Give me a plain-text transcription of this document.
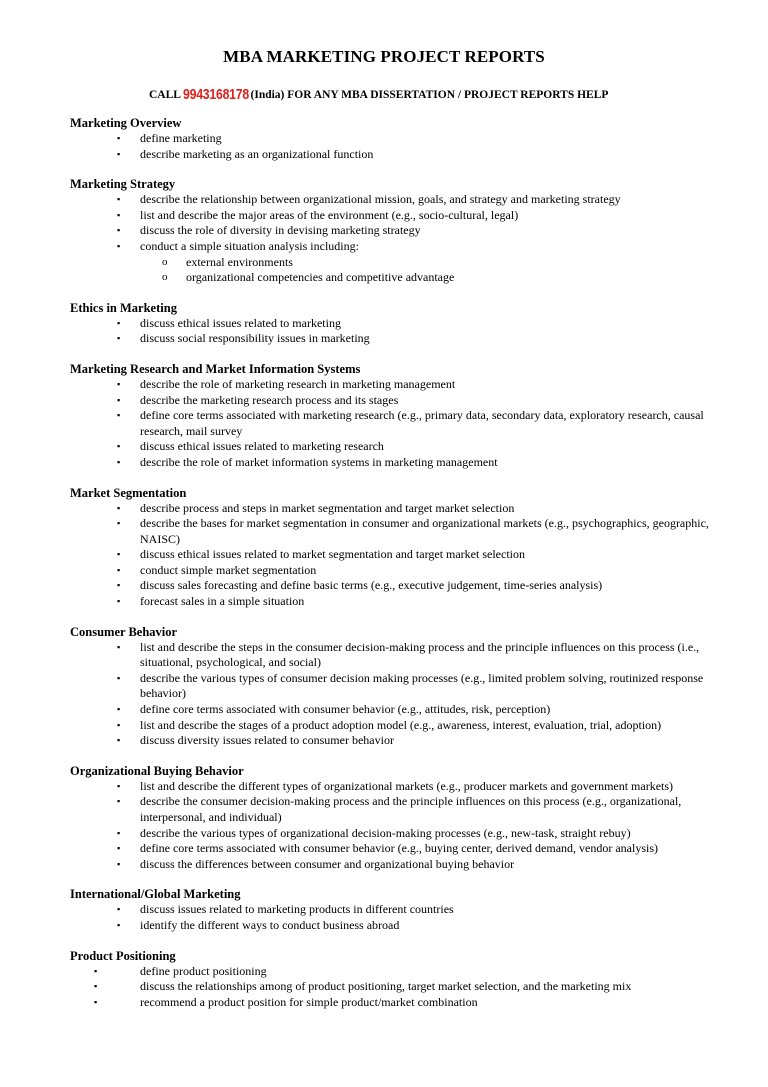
MBA MARKETING PROJECT REPORTS
CALL 9943168178 (India) FOR ANY MBA DISSERTATION / PROJECT REPORTS HELP
Marketing Overview
▪ define marketing
▪ describe marketing as an organizational function
Marketing Strategy
▪ describe the relationship between organizational mission, goals, and strategy and marketing strategy
▪ list and describe the major areas of the environment (e.g., socio-cultural, legal)
▪ discuss the role of diversity in devising marketing strategy
▪ conduct a simple situation analysis including:
o external environments
o organizational competencies and competitive advantage
Ethics in Marketing
▪ discuss ethical issues related to marketing
▪ discuss social responsibility issues in marketing
Marketing Research and Market Information Systems
▪ describe the role of marketing research in marketing management
▪ describe the marketing research process and its stages
▪ define core terms associated with marketing research (e.g., primary data, secondary data, exploratory research, causal research, mail survey
▪ discuss ethical issues related to marketing research
▪ describe the role of market information systems in marketing management
Market Segmentation
▪ describe process and steps in market segmentation and target market selection
▪ describe the bases for market segmentation in consumer and organizational markets (e.g., psychographics, geographic, NAISC)
▪ discuss ethical issues related to market segmentation and target market selection
▪ conduct simple market segmentation
▪ discuss sales forecasting and define basic terms (e.g., executive judgement, time-series analysis)
▪ forecast sales in a simple situation
Consumer Behavior
▪ list and describe the steps in the consumer decision-making process and the principle influences on this process (i.e., situational, psychological, and social)
▪ describe the various types of consumer decision making processes (e.g., limited problem solving, routinized response behavior)
▪ define core terms associated with consumer behavior (e.g., attitudes, risk, perception)
▪ list and describe the stages of a product adoption model (e.g., awareness, interest, evaluation, trial, adoption)
▪ discuss diversity issues related to consumer behavior
Organizational Buying Behavior
▪ list and describe the different types of organizational markets (e.g., producer markets and government markets)
▪ describe the consumer decision-making process and the principle influences on this process (e.g., organizational, interpersonal, and individual)
▪ describe the various types of organizational decision-making processes (e.g., new-task, straight rebuy)
▪ define core terms associated with consumer behavior (e.g., buying center, derived demand, vendor analysis)
▪ discuss the differences between consumer and organizational buying behavior
International/Global Marketing
▪ discuss issues related to marketing products in different countries
▪ identify the different ways to conduct business abroad
Product Positioning
▪	define product positioning
▪	discuss the relationships among of product positioning, target market selection, and the marketing mix
▪	recommend a product position for simple product/market combination
